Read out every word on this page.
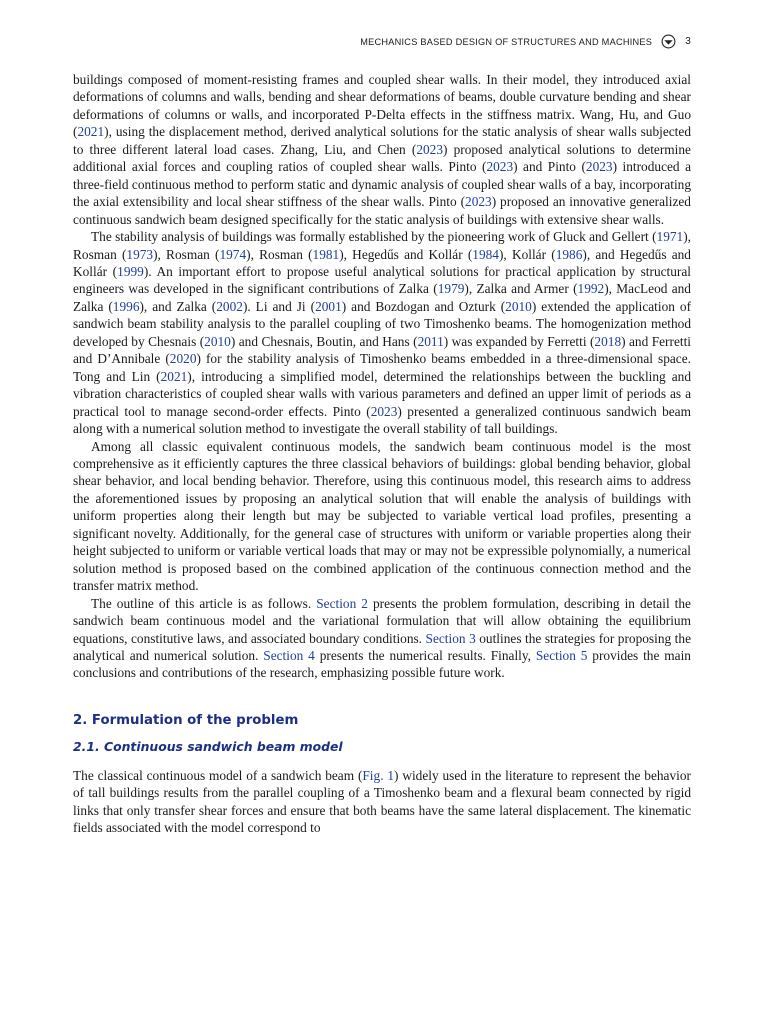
MECHANICS BASED DESIGN OF STRUCTURES AND MACHINES	3

buildings composed of moment-resisting frames and coupled shear walls. In their model, they introduced axial deformations of columns and walls, bending and shear deformations of beams, double curvature bending and shear deformations of columns or walls, and incorporated P-Delta effects in the stiffness matrix. Wang, Hu, and Guo (2021), using the displacement method, derived analytical solutions for the static analysis of shear walls subjected to three different lateral load cases. Zhang, Liu, and Chen (2023) proposed analytical solutions to determine additional axial forces and coupling ratios of coupled shear walls. Pinto (2023) and Pinto (2023) introduced a three-field continuous method to perform static and dynamic analysis of coupled shear walls of a bay, incorporating the axial extensibility and local shear stiffness of the shear walls. Pinto (2023) proposed an innovative generalized continuous sandwich beam designed specifically for the static analysis of buildings with extensive shear walls.

The stability analysis of buildings was formally established by the pioneering work of Gluck and Gellert (1971), Rosman (1973), Rosman (1974), Rosman (1981), Hegedűs and Kollár (1984), Kollár (1986), and Hegedűs and Kollár (1999). An important effort to propose useful analytical solutions for practical application by structural engineers was developed in the significant contributions of Zalka (1979), Zalka and Armer (1992), MacLeod and Zalka (1996), and Zalka (2002). Li and Ji (2001) and Bozdogan and Ozturk (2010) extended the application of sandwich beam stability analysis to the parallel coupling of two Timoshenko beams. The homogenization method developed by Chesnais (2010) and Chesnais, Boutin, and Hans (2011) was expanded by Ferretti (2018) and Ferretti and D’Annibale (2020) for the stability analysis of Timoshenko beams embedded in a three-dimensional space. Tong and Lin (2021), introducing a simplified model, determined the relationships between the buckling and vibration characteristics of coupled shear walls with various parameters and defined an upper limit of periods as a practical tool to manage second-order effects. Pinto (2023) presented a generalized continuous sandwich beam along with a numerical solution method to investigate the overall stability of tall buildings.

Among all classic equivalent continuous models, the sandwich beam continuous model is the most comprehensive as it efficiently captures the three classical behaviors of buildings: global bending behavior, global shear behavior, and local bending behavior. Therefore, using this continuous model, this research aims to address the aforementioned issues by proposing an analytical solution that will enable the analysis of buildings with uniform properties along their length but may be subjected to variable vertical load profiles, presenting a significant novelty. Additionally, for the general case of structures with uniform or variable properties along their height subjected to uniform or variable vertical loads that may or may not be expressible polynomially, a numerical solution method is proposed based on the combined application of the continuous connection method and the transfer matrix method.

The outline of this article is as follows. Section 2 presents the problem formulation, describing in detail the sandwich beam continuous model and the variational formulation that will allow obtaining the equilibrium equations, constitutive laws, and associated boundary conditions. Section 3 outlines the strategies for proposing the analytical and numerical solution. Section 4 presents the numerical results. Finally, Section 5 provides the main conclusions and contributions of the research, emphasizing possible future work.

2. Formulation of the problem
2.1. Continuous sandwich beam model

The classical continuous model of a sandwich beam (Fig. 1) widely used in the literature to represent the behavior of tall buildings results from the parallel coupling of a Timoshenko beam and a flexural beam connected by rigid links that only transfer shear forces and ensure that both beams have the same lateral displacement. The kinematic fields associated with the model correspond to
